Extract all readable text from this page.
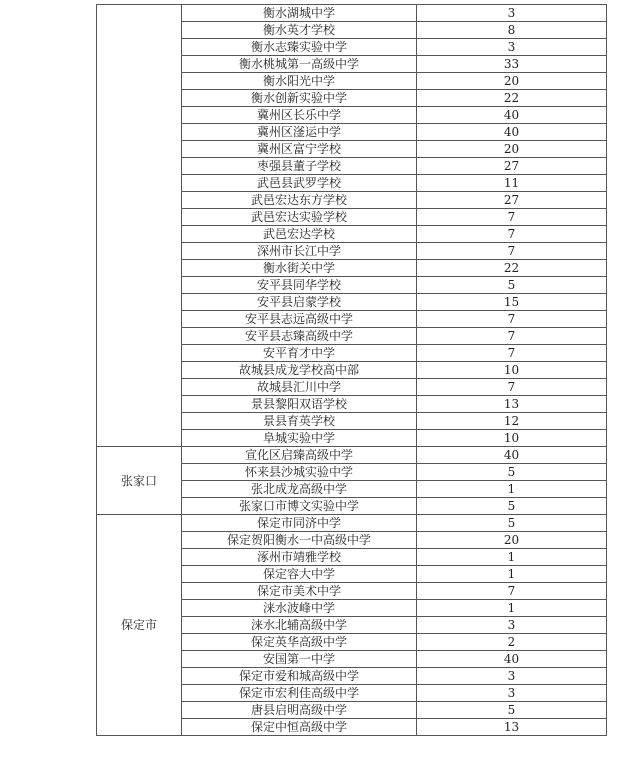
	衡水湖城中学	3
	衡水英才学校	8
	衡水志臻实验中学	3
	衡水桃城第一高级中学	33
	衡水阳光中学	20
	衡水创新实验中学	22
	冀州区长乐中学	40
	冀州区滏运中学	40
	冀州区富宁学校	20
	枣强县董子学校	27
	武邑县武罗学校	11
	武邑宏达东方学校	27
	武邑宏达实验学校	7
	武邑宏达学校	7
	深州市长江中学	7
	衡水街关中学	22
	安平县同华学校	5
	安平县启蒙学校	15
	安平县志远高级中学	7
	安平县志臻高级中学	7
	安平育才中学	7
	故城县成龙学校高中部	10
	故城县汇川中学	7
	景县黎阳双语学校	13
	景县育英学校	12
	阜城实验中学	10
张家口	宣化区启臻高级中学	40
	怀来县沙城实验中学	5
	张北成龙高级中学	1
	张家口市博文实验中学	5
保定市	保定市同济中学	5
	保定贺阳衡水一中高级中学	20
	涿州市靖雅学校	1
	保定容大中学	1
	保定市美术中学	7
	涞水波峰中学	1
	涞水北辅高级中学	3
	保定英华高级中学	2
	安国第一中学	40
	保定市爱和城高级中学	3
	保定市宏利佳高级中学	3
	唐县启明高级中学	5
	保定中恒高级中学	13
